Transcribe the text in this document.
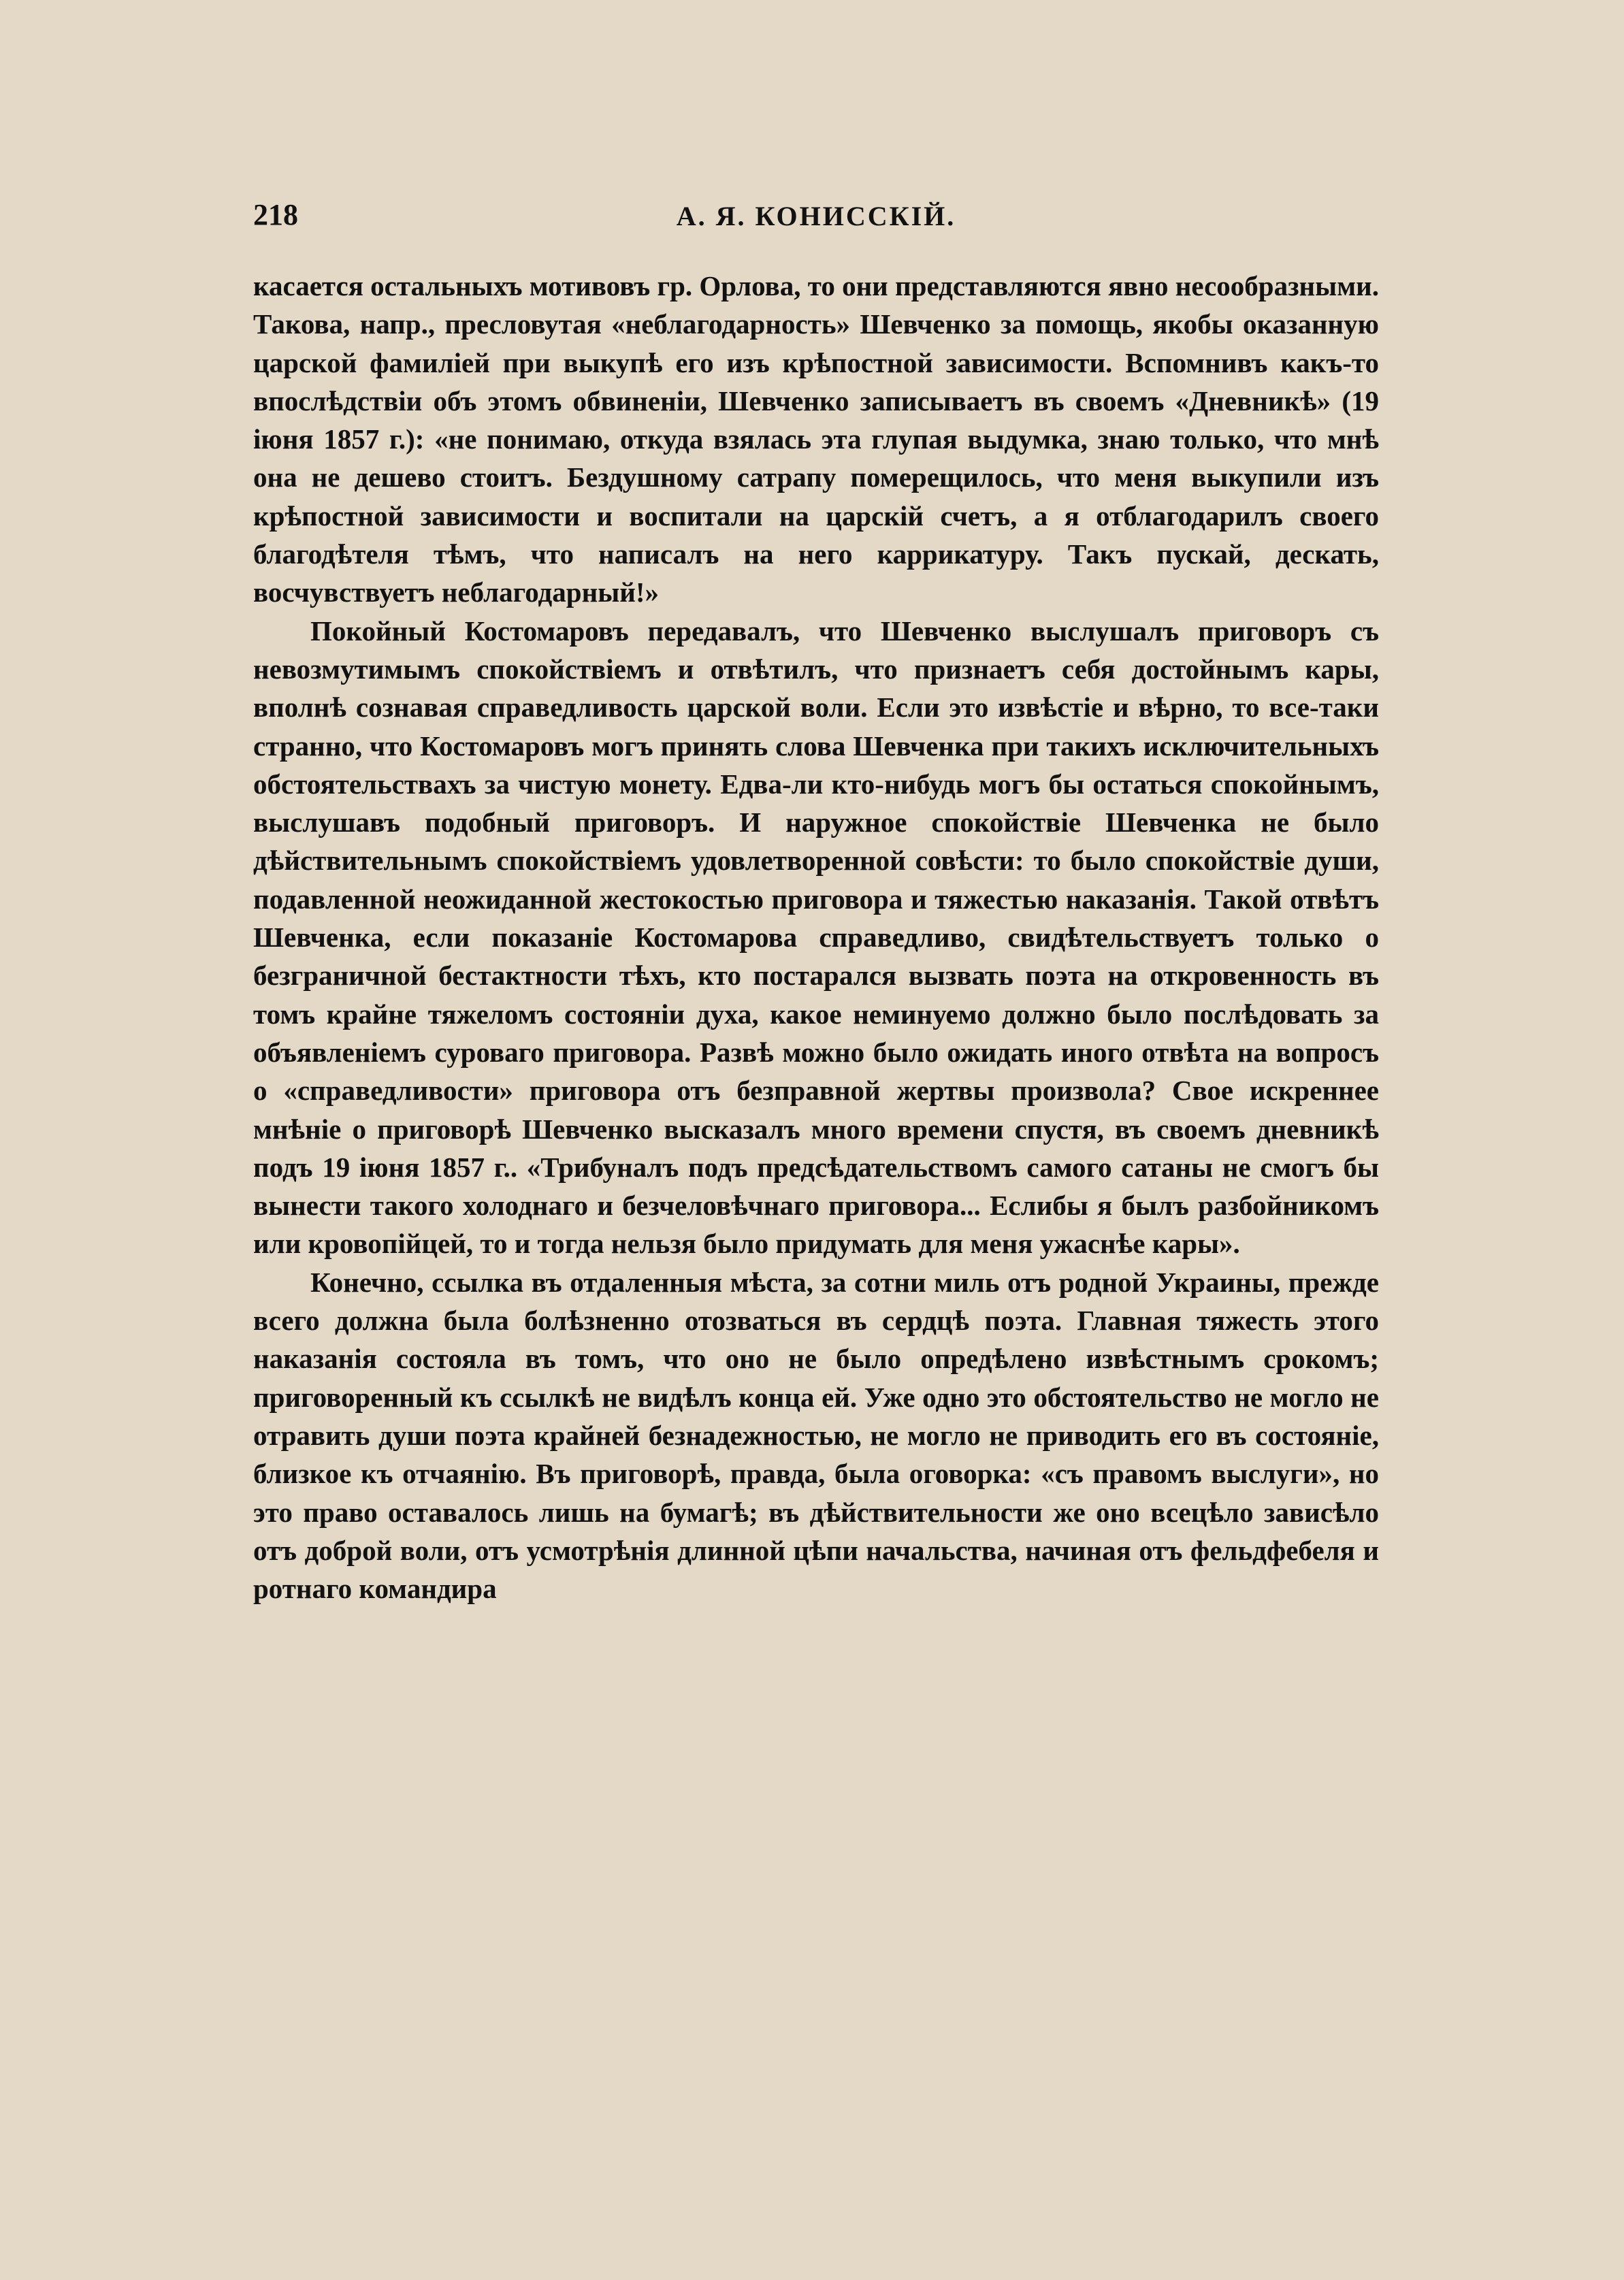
218	А. Я. КОНИССКІЙ.

касается остальныхъ мотивовъ гр. Орлова, то они представляются явно несообразными. Такова, напр., пресловутая «неблагодарность» Шевченко за помощь, якобы оказанную царской фамиліей при выкупѣ его изъ крѣпостной зависимости. Вспомнивъ какъ-то впослѣдствіи объ этомъ обвиненіи, Шевченко записываетъ въ своемъ «Дневникѣ» (19 іюня 1857 г.): «не понимаю, откуда взялась эта глупая выдумка, знаю только, что мнѣ она не дешево стоитъ. Бездушному сатрапу померещилось, что меня выкупили изъ крѣпостной зависимости и воспитали на царскій счетъ, а я отблагодарилъ своего благодѣтеля тѣмъ, что написалъ на него каррикатуру. Такъ пускай, дескать, восчувствуетъ неблагодарный!»

Покойный Костомаровъ передавалъ, что Шевченко выслушалъ приговоръ съ невозмутимымъ спокойствіемъ и отвѣтилъ, что признаетъ себя достойнымъ кары, вполнѣ сознавая справедливость царской воли. Если это извѣстіе и вѣрно, то все-таки странно, что Костомаровъ могъ принять слова Шевченка при такихъ исключительныхъ обстоятельствахъ за чистую монету. Едва-ли кто-нибудь могъ бы остаться спокойнымъ, выслушавъ подобный приговоръ. И наружное спокойствіе Шевченка не было дѣйствительнымъ спокойствіемъ удовлетворенной совѣсти: то было спокойствіе души, подавленной неожиданной жестокостью приговора и тяжестью наказанія. Такой отвѣтъ Шевченка, если показаніе Костомарова справедливо, свидѣтельствуетъ только о безграничной бестактности тѣхъ, кто постарался вызвать поэта на откровенность въ томъ крайне тяжеломъ состояніи духа, какое неминуемо должно было послѣдовать за объявленіемъ суроваго приговора. Развѣ можно было ожидать иного отвѣта на вопросъ о «справедливости» приговора отъ безправной жертвы произвола? Свое искреннее мнѣніе о приговорѣ Шевченко высказалъ много времени спустя, въ своемъ дневникѣ подъ 19 іюня 1857 г.. «Трибуналъ подъ предсѣдательствомъ самого сатаны не смогъ бы вынести такого холоднаго и безчеловѣчнаго приговора... Еслибы я былъ разбойникомъ или кровопійцей, то и тогда нельзя было придумать для меня ужаснѣе кары».

Конечно, ссылка въ отдаленныя мѣста, за сотни миль отъ родной Украины, прежде всего должна была болѣзненно отозваться въ сердцѣ поэта. Главная тяжесть этого наказанія состояла въ томъ, что оно не было опредѣлено извѣстнымъ срокомъ; приговоренный къ ссылкѣ не видѣлъ конца ей. Уже одно это обстоятельство не могло не отравить души поэта крайней безнадежностью, не могло не приводить его въ состояніе, близкое къ отчаянію. Въ приговорѣ, правда, была оговорка: «съ правомъ выслуги», но это право оставалось лишь на бумагѣ; въ дѣйствительности же оно всецѣло зависѣло отъ доброй воли, отъ усмотрѣнія длинной цѣпи начальства, начиная отъ фельдфебеля и ротнаго командира
